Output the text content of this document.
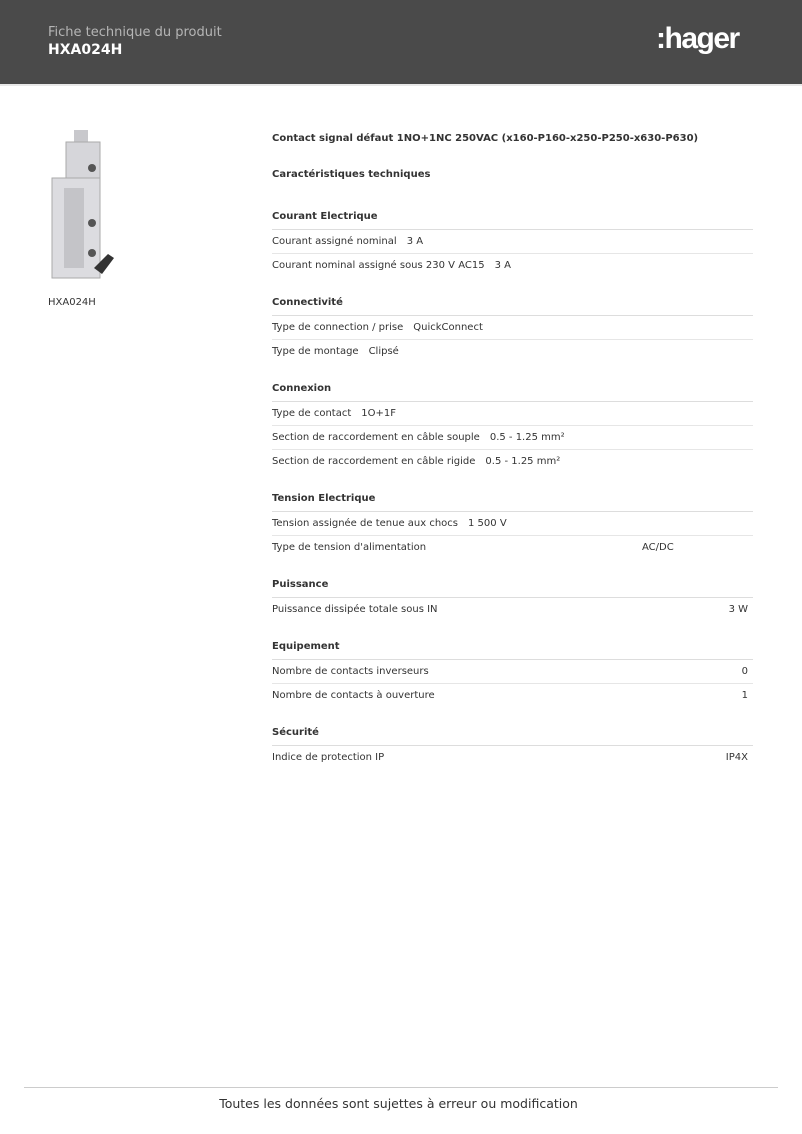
Fiche technique du produit
HXA024H	:hager
HXA024H
Contact signal défaut 1NO+1NC 250VAC (x160-P160-x250-P250-x630-P630)
Caractéristiques techniques
Courant Electrique
Courant assigné nominal 3 A
Courant nominal assigné sous 230 V AC15 3 A
Connectivité
Type de connection / prise QuickConnect
Type de montage Clipsé
Connexion
Type de contact 1O+1F
Section de raccordement en câble souple 0.5 - 1.25 mm²
Section de raccordement en câble rigide 0.5 - 1.25 mm²
Tension Electrique
Tension assignée de tenue aux chocs 1 500 V
Type de tension d'alimentation	AC/DC
Puissance
Puissance dissipée totale sous IN	3 W
Equipement
Nombre de contacts inverseurs	0
Nombre de contacts à ouverture	1
Sécurité
Indice de protection IP	IP4X
Toutes les données sont sujettes à erreur ou modification
